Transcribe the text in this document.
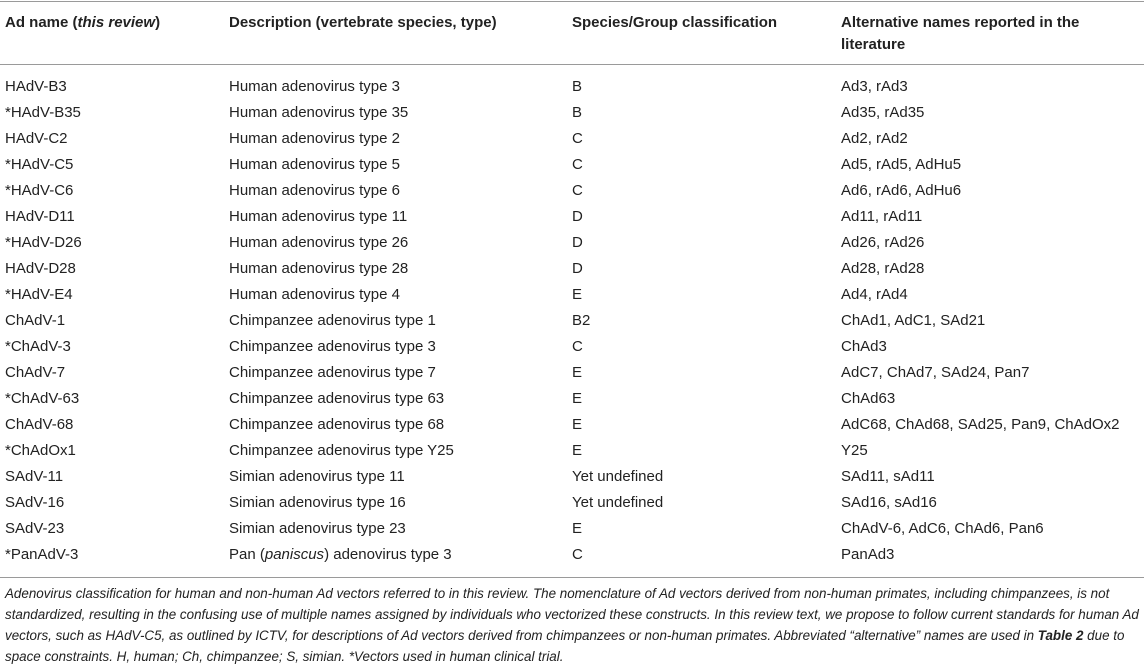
Ad name (this review)	Description (vertebrate species, type)	Species/Group classification	Alternative names reported in the
literature
HAdV-B3	Human adenovirus type 3	B	Ad3, rAd3
*HAdV-B35	Human adenovirus type 35	B	Ad35, rAd35
HAdV-C2	Human adenovirus type 2	C	Ad2, rAd2
*HAdV-C5	Human adenovirus type 5	C	Ad5, rAd5, AdHu5
*HAdV-C6	Human adenovirus type 6	C	Ad6, rAd6, AdHu6
HAdV-D11	Human adenovirus type 11	D	Ad11, rAd11
*HAdV-D26	Human adenovirus type 26	D	Ad26, rAd26
HAdV-D28	Human adenovirus type 28	D	Ad28, rAd28
*HAdV-E4	Human adenovirus type 4	E	Ad4, rAd4
ChAdV-1	Chimpanzee adenovirus type 1	B2	ChAd1, AdC1, SAd21
*ChAdV-3	Chimpanzee adenovirus type 3	C	ChAd3
ChAdV-7	Chimpanzee adenovirus type 7	E	AdC7, ChAd7, SAd24, Pan7
*ChAdV-63	Chimpanzee adenovirus type 63	E	ChAd63
ChAdV-68	Chimpanzee adenovirus type 68	E	AdC68, ChAd68, SAd25, Pan9, ChAdOx2
*ChAdOx1	Chimpanzee adenovirus type Y25	E	Y25
SAdV-11	Simian adenovirus type 11	Yet undefined	SAd11, sAd11
SAdV-16	Simian adenovirus type 16	Yet undefined	SAd16, sAd16
SAdV-23	Simian adenovirus type 23	E	ChAdV-6, AdC6, ChAd6, Pan6
*PanAdV-3	Pan (paniscus) adenovirus type 3	C	PanAd3
Adenovirus classification for human and non-human Ad vectors referred to in this review. The nomenclature of Ad vectors derived from non-human primates, including chimpanzees, is not standardized, resulting in the confusing use of multiple names assigned by individuals who vectorized these constructs. In this review text, we propose to follow current standards for human Ad vectors, such as HAdV-C5, as outlined by ICTV, for descriptions of Ad vectors derived from chimpanzees or non-human primates. Abbreviated “alternative” names are used in Table 2 due to space constraints. H, human; Ch, chimpanzee; S, simian. *Vectors used in human clinical trial.
